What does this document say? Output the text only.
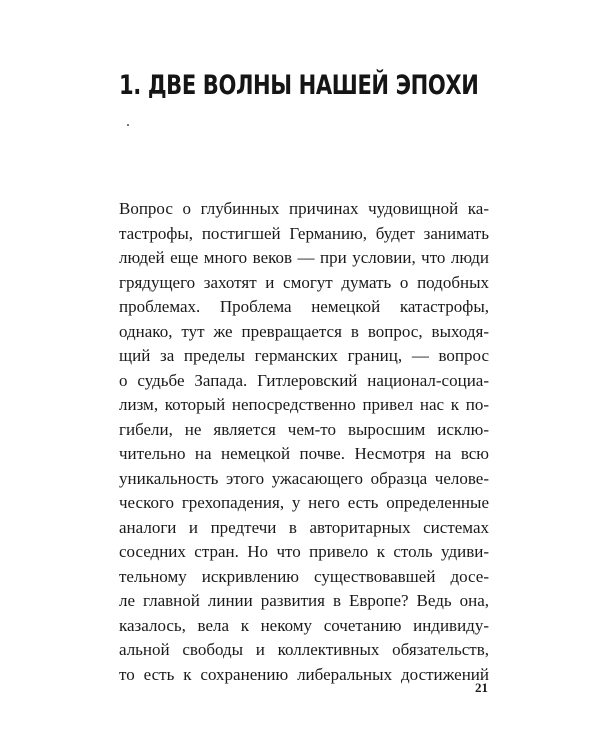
1. ДВЕ ВОЛНЫ НАШЕЙ ЭПОХИ
Вопрос о глубинных причинах чудовищной ка-
тастрофы, постигшей Германию, будет занимать
людей еще много веков — при условии, что люди
грядущего захотят и смогут думать о подобных
проблемах. Проблема немецкой катастрофы,
однако, тут же превращается в вопрос, выходя-
щий за пределы германских границ, — вопрос
о судьбе Запада. Гитлеровский национал-социа-
лизм, который непосредственно привел нас к по-
гибели, не является чем-то выросшим исклю-
чительно на немецкой почве. Несмотря на всю
уникальность этого ужасающего образца челове-
ческого грехопадения, у него есть определенные
аналоги и предтечи в авторитарных системах
соседних стран. Но что привело к столь удиви-
тельному искривлению существовавшей досе-
ле главной линии развития в Европе? Ведь она,
казалось, вела к некому сочетанию индивиду-
альной свободы и коллективных обязательств,
то есть к сохранению либеральных достижений
21
